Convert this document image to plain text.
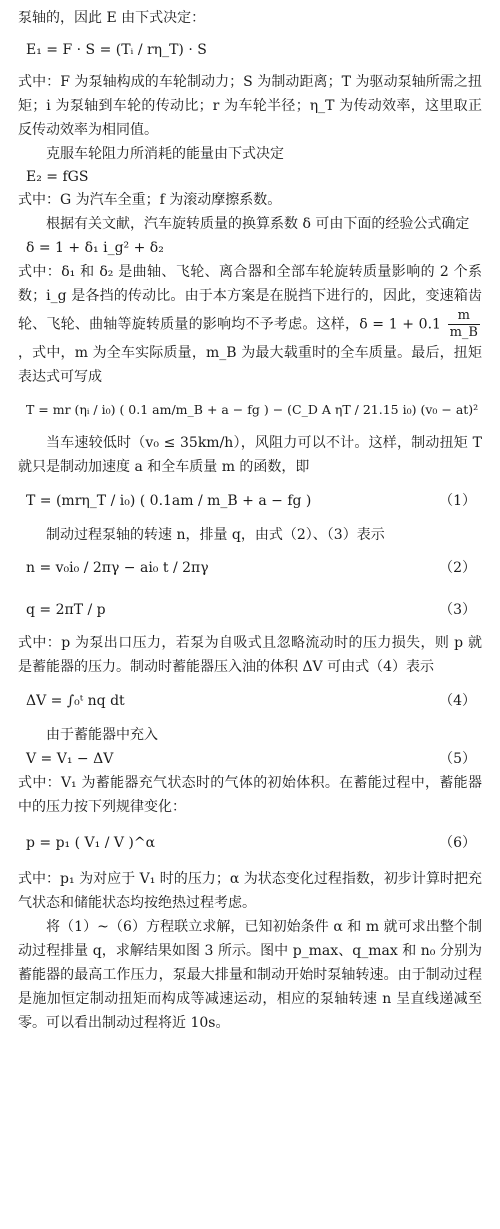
泵轴的，因此 E 由下式决定：

E₁ = F · S = (Tᵢ / rη_T) · S

式中：F 为泵轴构成的车轮制动力；S 为制动距离；T 为驱动泵轴所需之扭矩；i 为泵轴到车轮的传动比；r 为车轮半径；η_T 为传动效率，这里取正反传动效率为相同值。

克服车轮阻力所消耗的能量由下式决定

E₂ = fGS

式中：G 为汽车全重；f 为滚动摩擦系数。

根据有关文献，汽车旋转质量的换算系数 δ 可由下面的经验公式确定

δ = 1 + δ₁ i_g² + δ₂

式中：δ₁ 和 δ₂ 是曲轴、飞轮、离合器和全部车轮旋转质量影响的 2 个系数；i_g 是各挡的传动比。由于本方案是在脱挡下进行的，因此，变速箱齿轮、飞轮、曲轴等旋转质量的影响均不予考虑。这样，$\delta = 1 + 0.1 \frac{m}{m\_B}$
，式中，m 为全车实际质量，m_B 为最大载重时的全车质量。最后，扭矩表达式可写成

T = mr (ηᵢ / i₀) ( 0.1 am/m_B + a − fg ) − (C_D A ηT / 21.15 i₀) (v₀ − at)²

当车速较低时（v₀ ≤ 35km/h），风阻力可以不计。这样，制动扭矩 T 就只是制动加速度 a 和全车质量 m 的函数，即

T = (mrη_T / i₀) ( 0.1am / m_B + a − fg )	（1）

制动过程泵轴的转速 n，排量 q，由式（2）、（3）表示

n = v₀i₀ / 2πγ − ai₀ t / 2πγ	（2）
q = 2πT / p	（3）

式中：p 为泵出口压力，若泵为自吸式且忽略流动时的压力损失，则 p 就是蓄能器的压力。制动时蓄能器压入油的体积 ΔV 可由式（4）表示

ΔV = ∫₀ᵗ nq dt	（4）

由于蓄能器中充入

V = V₁ − ΔV	（5）

式中：V₁ 为蓄能器充气状态时的气体的初始体积。在蓄能过程中，蓄能器中的压力按下列规律变化：

p = p₁ ( V₁ / V )^α	（6）

式中：p₁ 为对应于 V₁ 时的压力；α 为状态变化过程指数，初步计算时把充气状态和储能状态均按绝热过程考虑。

将（1）~（6）方程联立求解，已知初始条件 α 和 m 就可求出整个制动过程排量 q，求解结果如图 3 所示。图中 p_max、q_max 和 n₀ 分别为蓄能器的最高工作压力，泵最大排量和制动开始时泵轴转速。由于制动过程是施加恒定制动扭矩而构成等减速运动，相应的泵轴转速 n 呈直线递减至零。可以看出制动过程将近 10s。
